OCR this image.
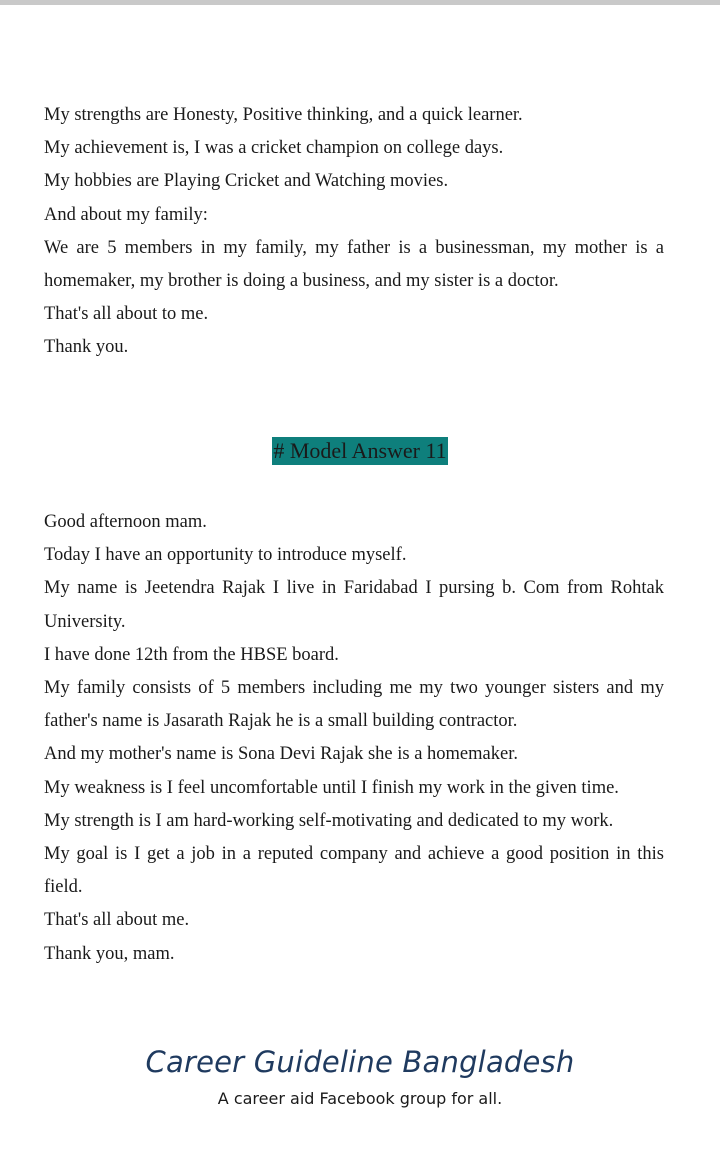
My strengths are Honesty, Positive thinking, and a quick learner.

My achievement is, I was a cricket champion on college days.

My hobbies are Playing Cricket and Watching movies.

And about my family:

We are 5 members in my family, my father is a businessman, my mother is a homemaker, my brother is doing a business, and my sister is a doctor.

That's all about to me.

Thank you.

# Model Answer 11

Good afternoon mam.

Today I have an opportunity to introduce myself.

My name is Jeetendra Rajak I live in Faridabad I pursing b. Com from Rohtak University.

I have done 12th from the HBSE board.

My family consists of 5 members including me my two younger sisters and my father's name is Jasarath Rajak he is a small building contractor.

And my mother's name is Sona Devi Rajak she is a homemaker.

My weakness is I feel uncomfortable until I finish my work in the given time.

My strength is I am hard-working self-motivating and dedicated to my work.

My goal is I get a job in a reputed company and achieve a good position in this field.

That's all about me.

Thank you, mam.

Career Guideline Bangladesh
A career aid Facebook group for all.
